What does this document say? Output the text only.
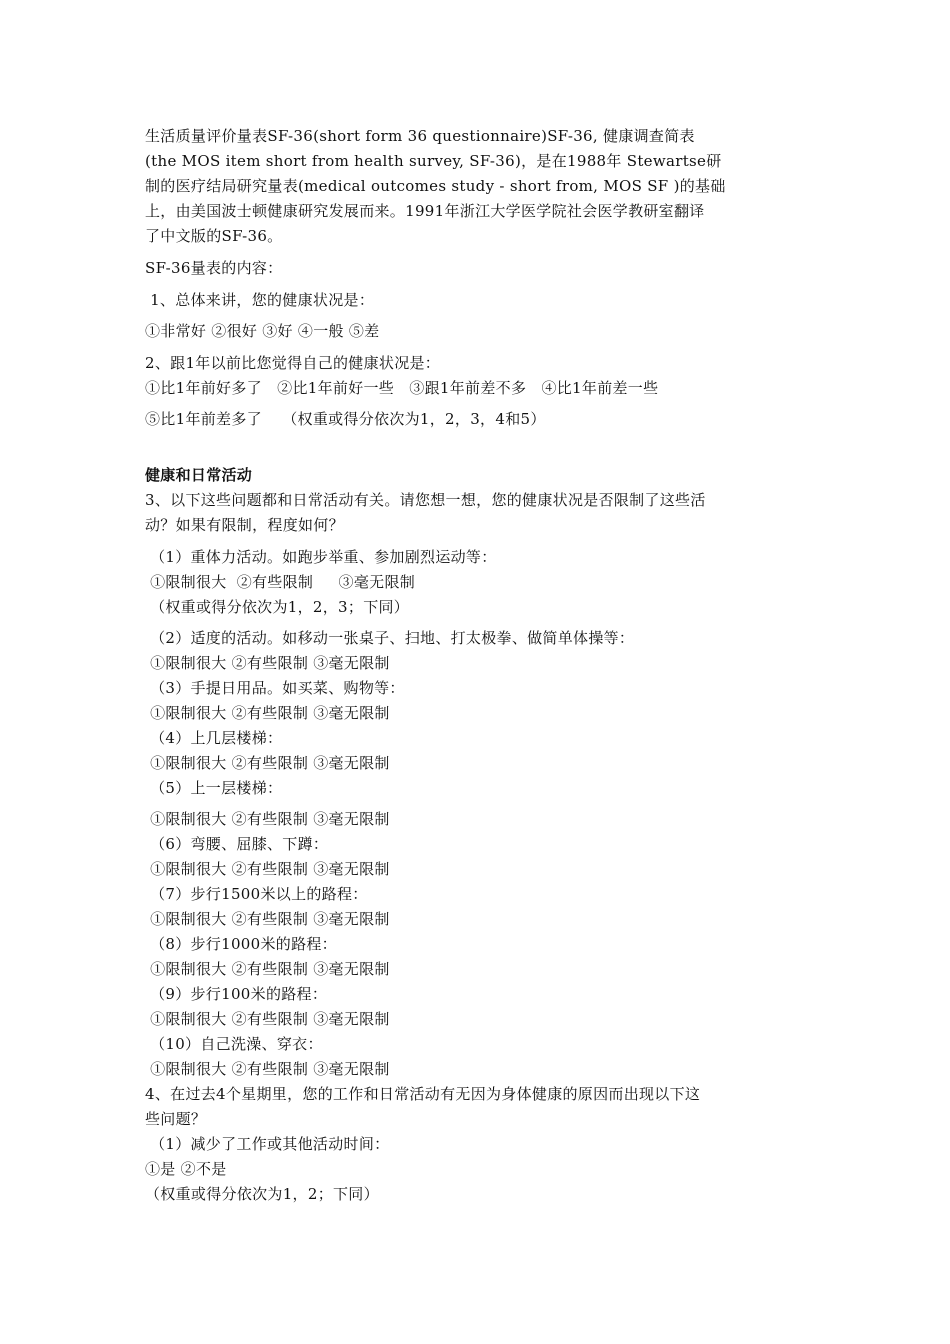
生活质量评价量表SF-36(short form 36 questionnaire)SF-36, 健康调查简表
(the MOS item short from health survey, SF-36)，是在1988年 Stewartse研
制的医疗结局研究量表(medical outcomes study - short from, MOS SF )的基础
上，由美国波士顿健康研究发展而来。1991年浙江大学医学院社会医学教研室翻译
了中文版的SF-36。
SF-36量表的内容：
1、总体来讲，您的健康状况是：
①非常好 ②很好 ③好 ④一般 ⑤差
2、跟1年以前比您觉得自己的健康状况是：
①比1年前好多了   ②比1年前好一些   ③跟1年前差不多   ④比1年前差一些
⑤比1年前差多了    （权重或得分依次为1，2，3，4和5）
健康和日常活动
3、以下这些问题都和日常活动有关。请您想一想，您的健康状况是否限制了这些活
动？如果有限制，程度如何？
（1）重体力活动。如跑步举重、参加剧烈运动等：
①限制很大  ②有些限制     ③毫无限制
（权重或得分依次为1，2，3；下同）
（2）适度的活动。如移动一张桌子、扫地、打太极拳、做简单体操等：
①限制很大 ②有些限制 ③毫无限制
（3）手提日用品。如买菜、购物等：
①限制很大 ②有些限制 ③毫无限制
（4）上几层楼梯：
①限制很大 ②有些限制 ③毫无限制
（5）上一层楼梯：
①限制很大 ②有些限制 ③毫无限制
（6）弯腰、屈膝、下蹲：
①限制很大 ②有些限制 ③毫无限制
（7）步行1500米以上的路程：
①限制很大 ②有些限制 ③毫无限制
（8）步行1000米的路程：
①限制很大 ②有些限制 ③毫无限制
（9）步行100米的路程：
①限制很大 ②有些限制 ③毫无限制
（10）自己洗澡、穿衣：
①限制很大 ②有些限制 ③毫无限制
4、在过去4个星期里，您的工作和日常活动有无因为身体健康的原因而出现以下这
些问题？
（1）减少了工作或其他活动时间：
①是 ②不是
（权重或得分依次为1，2；下同）
